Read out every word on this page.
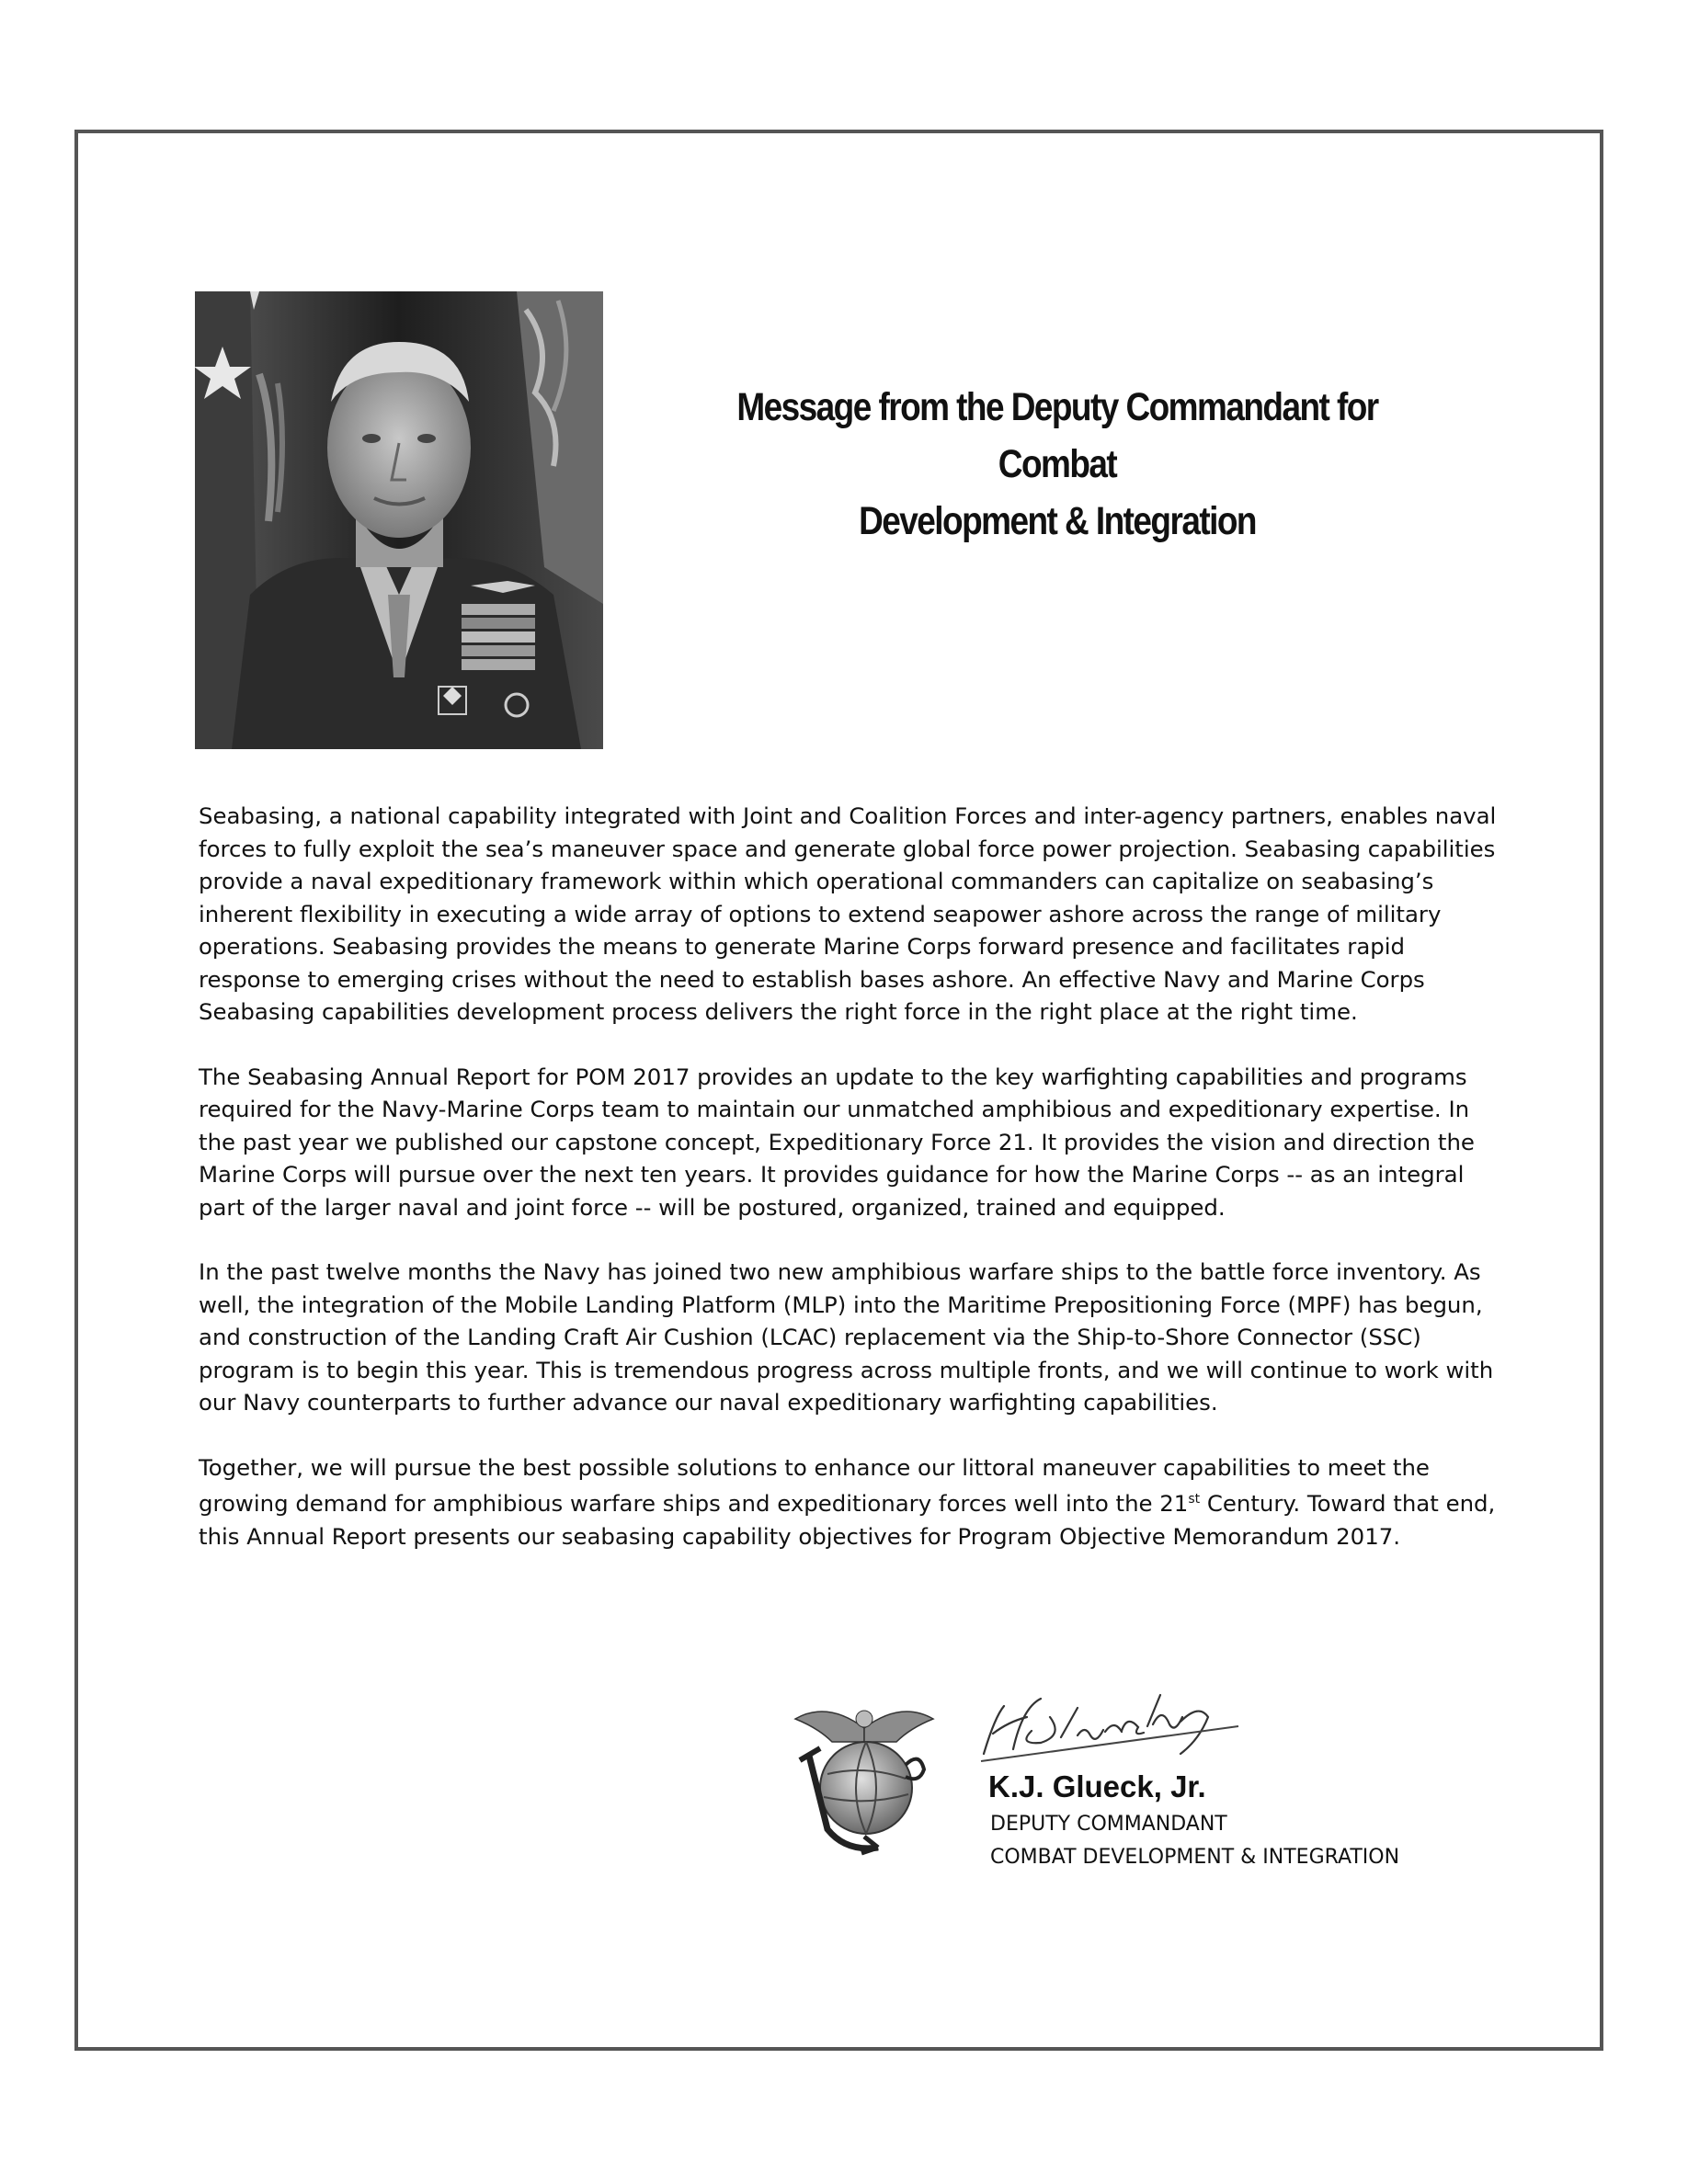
Message from the Deputy Commandant for Combat
Development & Integration

Seabasing, a national capability integrated with Joint and Coalition Forces and inter-agency partners, enables naval forces to fully exploit the sea’s maneuver space and generate global force power projection. Seabasing capabilities provide a naval expeditionary framework within which operational commanders can capitalize on seabasing’s inherent flexibility in executing a wide array of options to extend seapower ashore across the range of military operations. Seabasing provides the means to generate Marine Corps forward presence and facilitates rapid response to emerging crises without the need to establish bases ashore. An effective Navy and Marine Corps Seabasing capabilities development process delivers the right force in the right place at the right time.

The Seabasing Annual Report for POM 2017 provides an update to the key warfighting capabilities and programs required for the Navy-Marine Corps team to maintain our unmatched amphibious and expeditionary expertise. In the past year we published our capstone concept, Expeditionary Force 21. It provides the vision and direction the Marine Corps will pursue over the next ten years. It provides guidance for how the Marine Corps -- as an integral part of the larger naval and joint force -- will be postured, organized, trained and equipped.

In the past twelve months the Navy has joined two new amphibious warfare ships to the battle force inventory. As well, the integration of the Mobile Landing Platform (MLP) into the Maritime Prepositioning Force (MPF) has begun, and construction of the Landing Craft Air Cushion (LCAC) replacement via the Ship-to-Shore Connector (SSC) program is to begin this year. This is tremendous progress across multiple fronts, and we will continue to work with our Navy counterparts to further advance our naval expeditionary warfighting capabilities.

Together, we will pursue the best possible solutions to enhance our littoral maneuver capabilities to meet the growing demand for amphibious warfare ships and expeditionary forces well into the 21st Century. Toward that end, this Annual Report presents our seabasing capability objectives for Program Objective Memorandum 2017.

K.J. Glueck, Jr.
DEPUTY COMMANDANT
COMBAT DEVELOPMENT & INTEGRATION
